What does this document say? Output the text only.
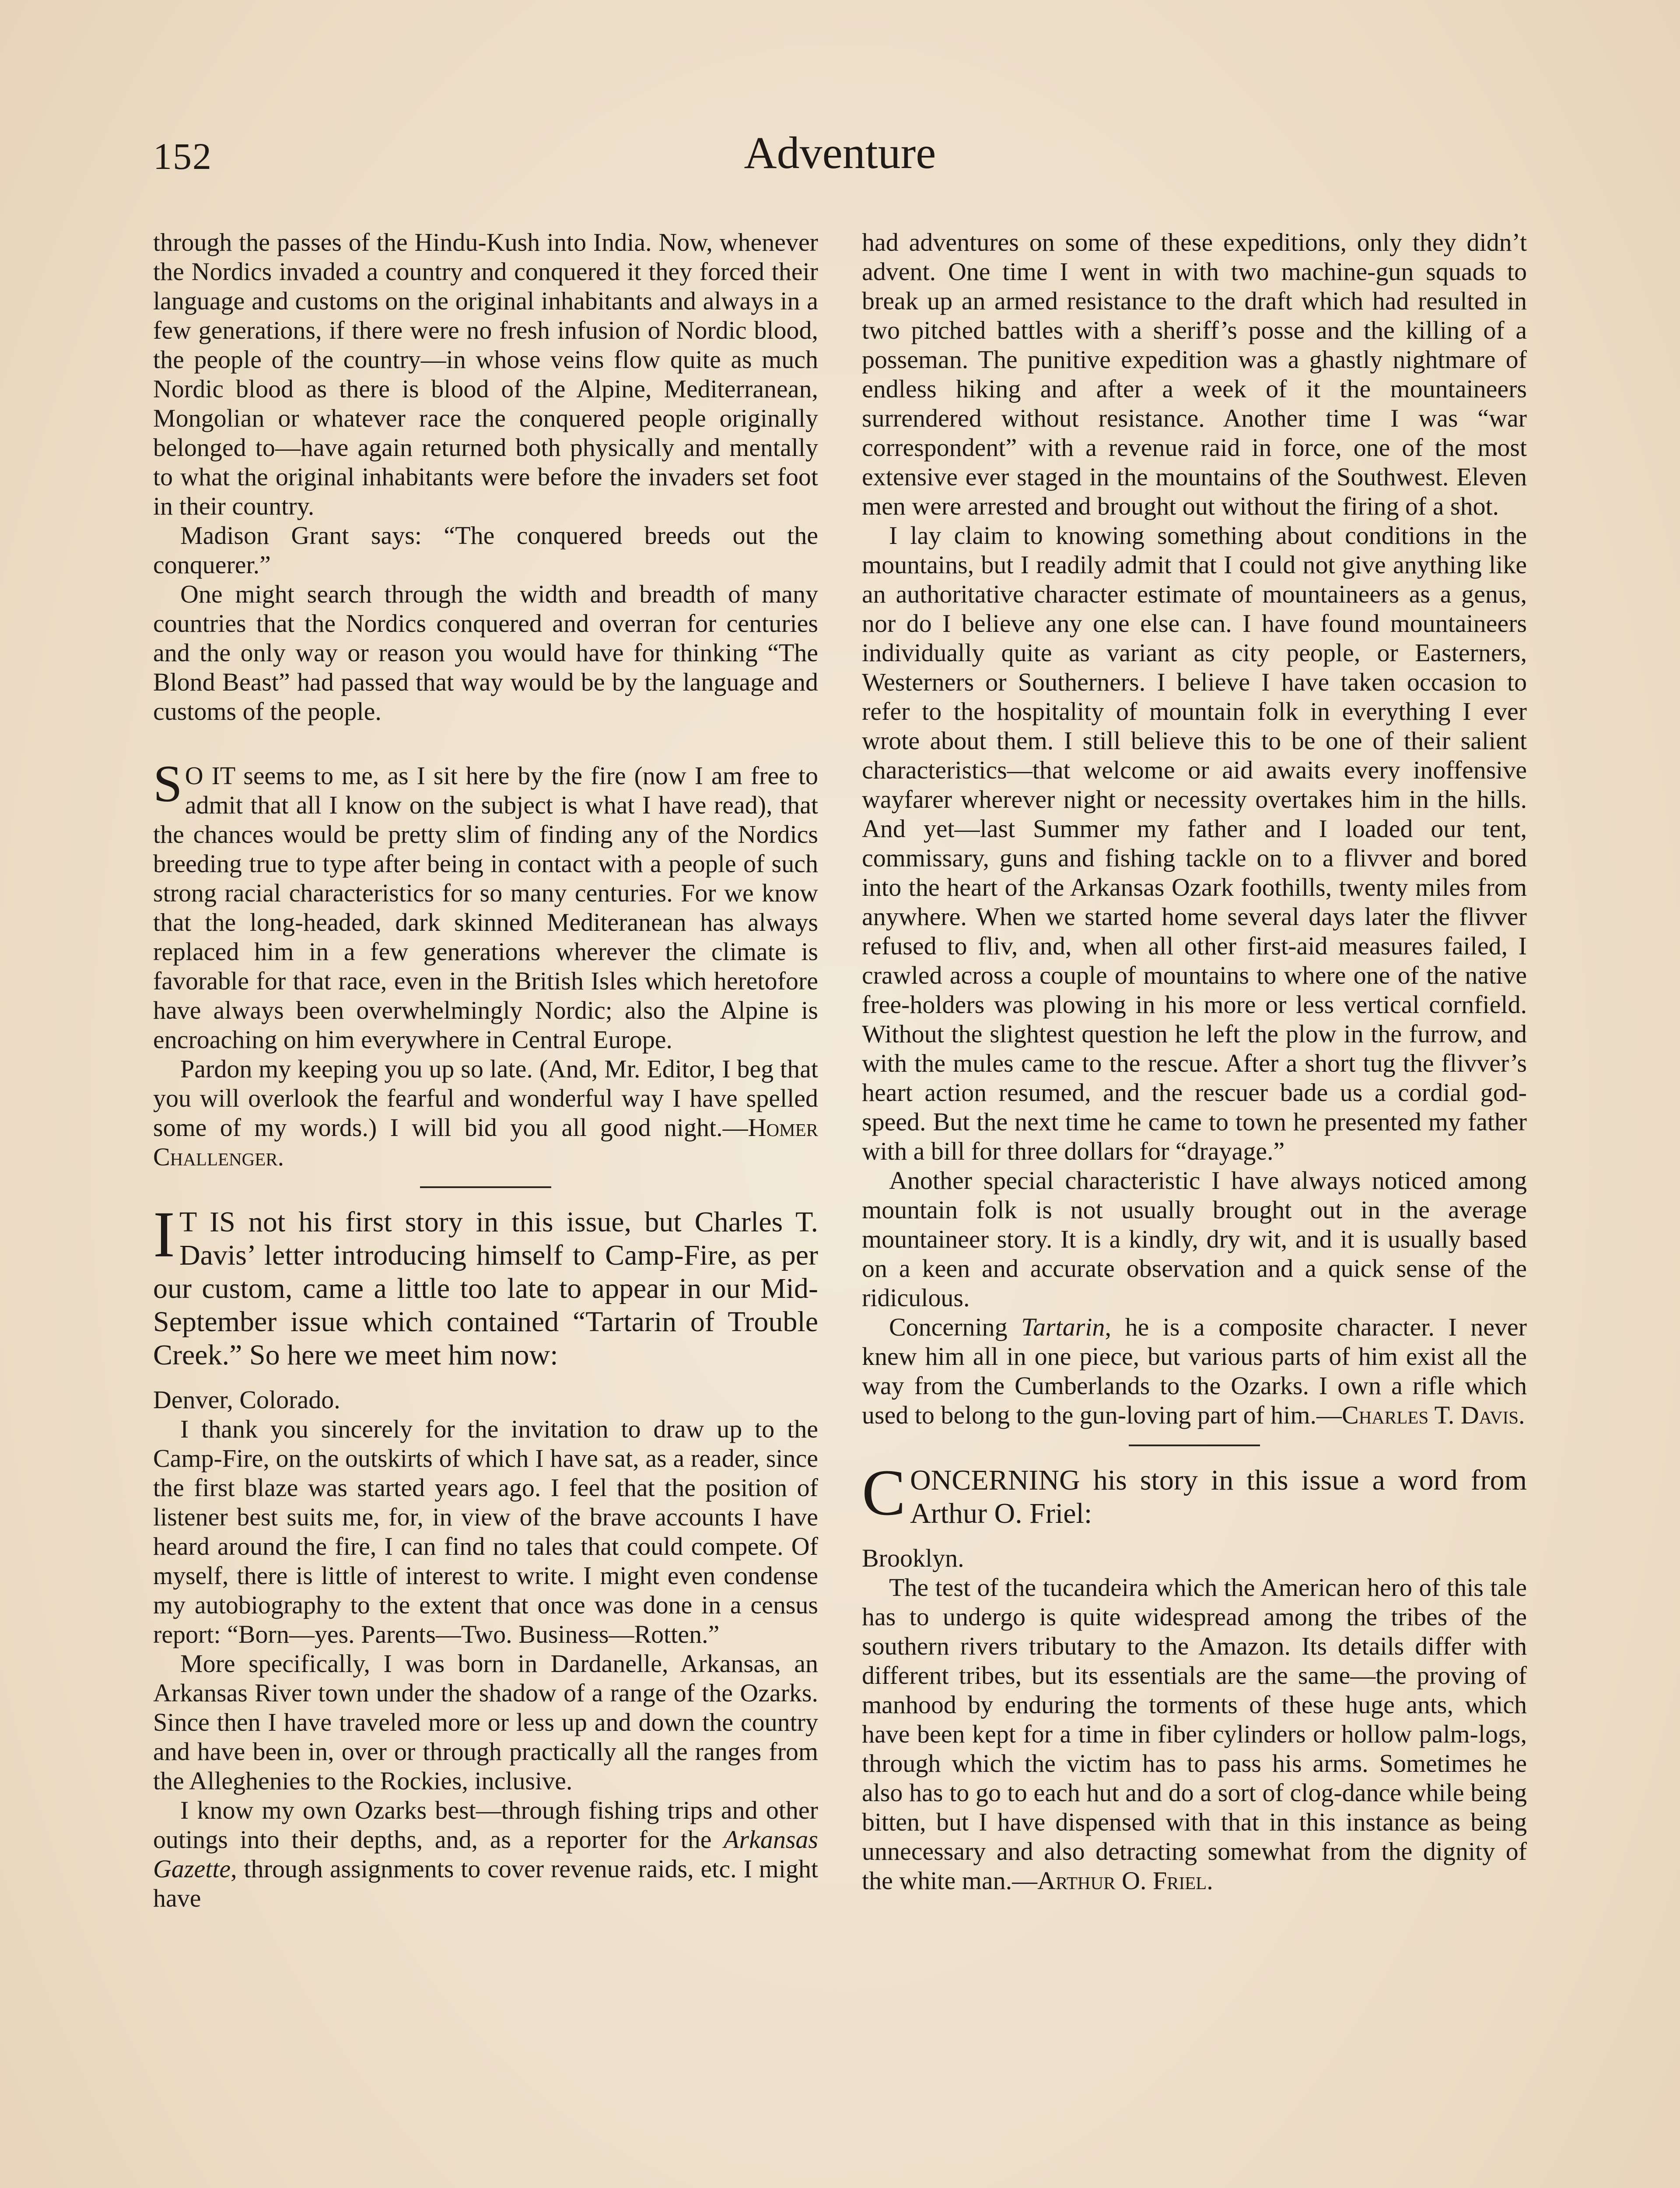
152	Adventure

through the passes of the Hindu-Kush into India. Now, whenever the Nordics invaded a country and conquered it they forced their language and customs on the original inhabitants and always in a few generations, if there were no fresh infusion of Nordic blood, the people of the country—in whose veins flow quite as much Nordic blood as there is blood of the Alpine, Mediterranean, Mongolian or whatever race the conquered people originally belonged to—have again returned both physically and mentally to what the original inhabitants were before the invaders set foot in their country.

Madison Grant says: “The conquered breeds out the conquerer.”

One might search through the width and breadth of many countries that the Nordics conquered and overran for centuries and the only way or reason you would have for thinking “The Blond Beast” had passed that way would be by the language and customs of the people.

S O IT seems to me, as I sit here by the fire (now I am free to admit that all I know on the subject is what I have read), that the chances would be pretty slim of finding any of the Nordics breeding true to type after being in contact with a people of such strong racial characteristics for so many centuries. For we know that the long-headed, dark skinned Mediteranean has always replaced him in a few generations wherever the climate is favorable for that race, even in the British Isles which heretofore have always been overwhelmingly Nordic; also the Alpine is encroaching on him everywhere in Central Europe.

Pardon my keeping you up so late. (And, Mr. Editor, I beg that you will overlook the fearful and wonderful way I have spelled some of my words.) I will bid you all good night.—Homer Challenger.

I T IS not his first story in this issue, but Charles T. Davis’ letter introducing himself to Camp-Fire, as per our custom, came a little too late to appear in our Mid-September issue which contained “Tartarin of Trouble Creek.” So here we meet him now:

Denver, Colorado.

I thank you sincerely for the invitation to draw up to the Camp-Fire, on the outskirts of which I have sat, as a reader, since the first blaze was started years ago. I feel that the position of listener best suits me, for, in view of the brave accounts I have heard around the fire, I can find no tales that could compete. Of myself, there is little of interest to write. I might even condense my autobiography to the extent that once was done in a census report: “Born—yes. Parents—Two. Business—Rotten.”

More specifically, I was born in Dardanelle, Arkansas, an Arkansas River town under the shadow of a range of the Ozarks. Since then I have traveled more or less up and down the country and have been in, over or through practically all the ranges from the Alleghenies to the Rockies, inclusive.

I know my own Ozarks best—through fishing trips and other outings into their depths, and, as a reporter for the Arkansas Gazette, through assignments to cover revenue raids, etc. I might have

had adventures on some of these expeditions, only they didn’t advent. One time I went in with two machine-gun squads to break up an armed resistance to the draft which had resulted in two pitched battles with a sheriff’s posse and the killing of a posseman. The punitive expedition was a ghastly nightmare of endless hiking and after a week of it the mountaineers surrendered without resistance. Another time I was “war correspondent” with a revenue raid in force, one of the most extensive ever staged in the mountains of the Southwest. Eleven men were arrested and brought out without the firing of a shot.

I lay claim to knowing something about conditions in the mountains, but I readily admit that I could not give anything like an authoritative character estimate of mountaineers as a genus, nor do I believe any one else can. I have found mountaineers individually quite as variant as city people, or Easterners, Westerners or Southerners. I believe I have taken occasion to refer to the hospitality of mountain folk in everything I ever wrote about them. I still believe this to be one of their salient characteristics—that welcome or aid awaits every inoffensive wayfarer wherever night or necessity overtakes him in the hills. And yet—last Summer my father and I loaded our tent, commissary, guns and fishing tackle on to a flivver and bored into the heart of the Arkansas Ozark foothills, twenty miles from anywhere. When we started home several days later the flivver refused to fliv, and, when all other first-aid measures failed, I crawled across a couple of mountains to where one of the native free-holders was plowing in his more or less vertical cornfield. Without the slightest question he left the plow in the furrow, and with the mules came to the rescue. After a short tug the flivver’s heart action resumed, and the rescuer bade us a cordial god-speed. But the next time he came to town he presented my father with a bill for three dollars for “drayage.”

Another special characteristic I have always noticed among mountain folk is not usually brought out in the average mountaineer story. It is a kindly, dry wit, and it is usually based on a keen and accurate observation and a quick sense of the ridiculous.

Concerning Tartarin, he is a composite character. I never knew him all in one piece, but various parts of him exist all the way from the Cumberlands to the Ozarks. I own a rifle which used to belong to the gun-loving part of him.—Charles T. Davis.

CONCERNING his story in this issue a word from Arthur O. Friel:

Brooklyn.

The test of the tucandeira which the American hero of this tale has to undergo is quite widespread among the tribes of the southern rivers tributary to the Amazon. Its details differ with different tribes, but its essentials are the same—the proving of manhood by enduring the torments of these huge ants, which have been kept for a time in fiber cylinders or hollow palm-logs, through which the victim has to pass his arms. Sometimes he also has to go to each hut and do a sort of clog-dance while being bitten, but I have dispensed with that in this instance as being unnecessary and also detracting somewhat from the dignity of the white man.—Arthur O. Friel.
